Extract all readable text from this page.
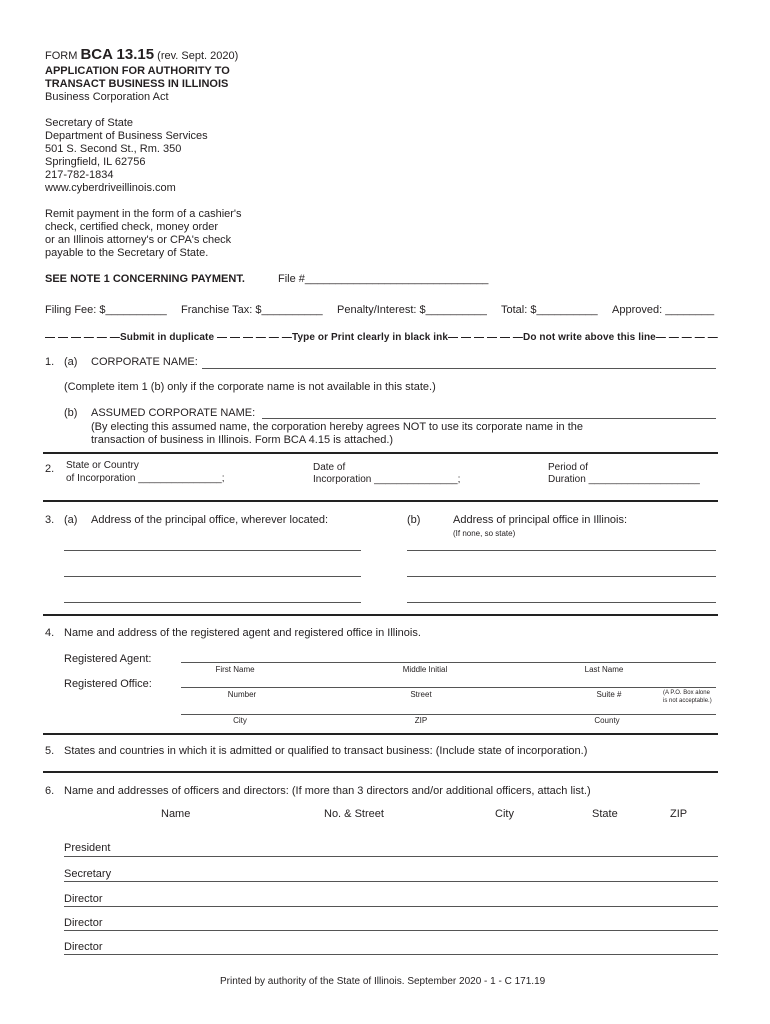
FORM BCA 13.15 (rev. Sept. 2020)
APPLICATION FOR AUTHORITY TO
TRANSACT BUSINESS IN ILLINOIS
Business Corporation Act
Secretary of State
Department of Business Services
501 S. Second St., Rm. 350
Springfield, IL 62756
217-782-1834
www.cyberdriveillinois.com
Remit payment in the form of a cashier's
check, certified check, money order
or an Illinois attorney's or CPA's check
payable to the Secretary of State.
SEE NOTE 1 CONCERNING PAYMENT.	File #______________________________
Filing Fee: $__________ Franchise Tax: $__________ Penalty/Interest: $__________ Total: $__________ Approved: ________
— — — — — —Submit in duplicate — — — — — —Type or Print clearly in black ink— — — — — —Do not write above this line— — — — —
1. (a) CORPORATE NAME:
(Complete item 1 (b) only if the corporate name is not available in this state.)
(b) ASSUMED CORPORATE NAME:
(By electing this assumed name, the corporation hereby agrees NOT to use its corporate name in the
transaction of business in Illinois. Form BCA 4.15 is attached.)
2. State or Country
of Incorporation _______________;
Date of
Incorporation _______________;
Period of
Duration ____________________
3. (a) Address of the principal office, wherever located:	(b)	Address of principal office in Illinois:
(If none, so state)
4. Name and address of the registered agent and registered office in Illinois.
Registered Agent:
First Name	Middle Initial	Last Name
Registered Office:
Number	Street	Suite #	(A P.O. Box alone
is not acceptable.)
City	ZIP	County
5. States and countries in which it is admitted or qualified to transact business: (Include state of incorporation.)
6. Name and addresses of officers and directors: (If more than 3 directors and/or additional officers, attach list.)
Name	No. & Street	City	State	ZIP
President
Secretary
Director
Director
Director
Printed by authority of the State of Illinois. September 2020 - 1 - C 171.19
